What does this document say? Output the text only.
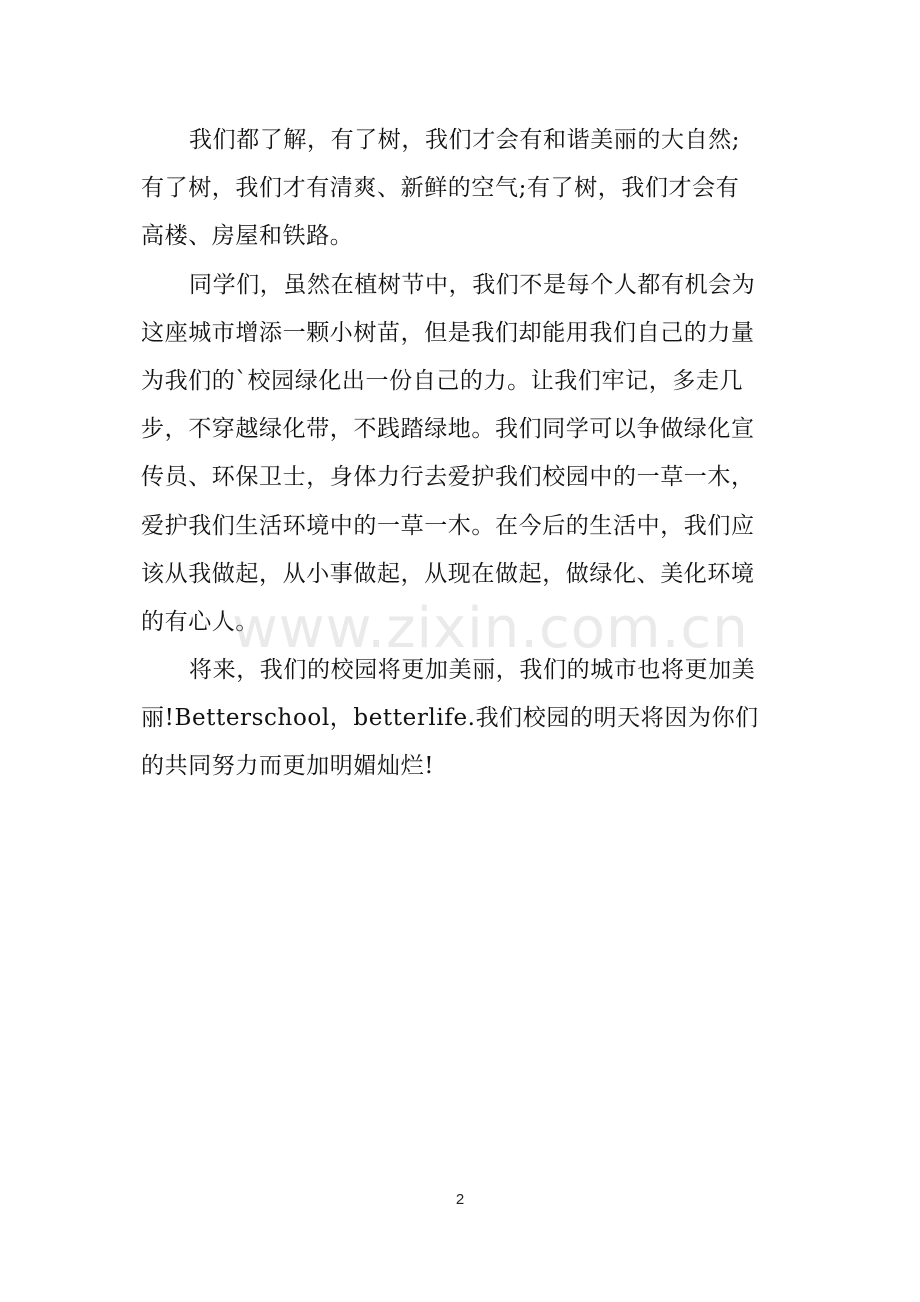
我们都了解，有了树，我们才会有和谐美丽的大自然;
有了树，我们才有清爽、新鲜的空气;有了树，我们才会有
高楼、房屋和铁路。

同学们，虽然在植树节中，我们不是每个人都有机会为
这座城市增添一颗小树苗，但是我们却能用我们自己的力量
为我们的`校园绿化出一份自己的力。让我们牢记，多走几
步，不穿越绿化带，不践踏绿地。我们同学可以争做绿化宣
传员、环保卫士，身体力行去爱护我们校园中的一草一木，
爱护我们生活环境中的一草一木。在今后的生活中，我们应
该从我做起，从小事做起，从现在做起，做绿化、美化环境
的有心人。

将来，我们的校园将更加美丽，我们的城市也将更加美
丽!Betterschool，betterlife.我们校园的明天将因为你们
的共同努力而更加明媚灿烂!

www.zixin.com.cn
2
